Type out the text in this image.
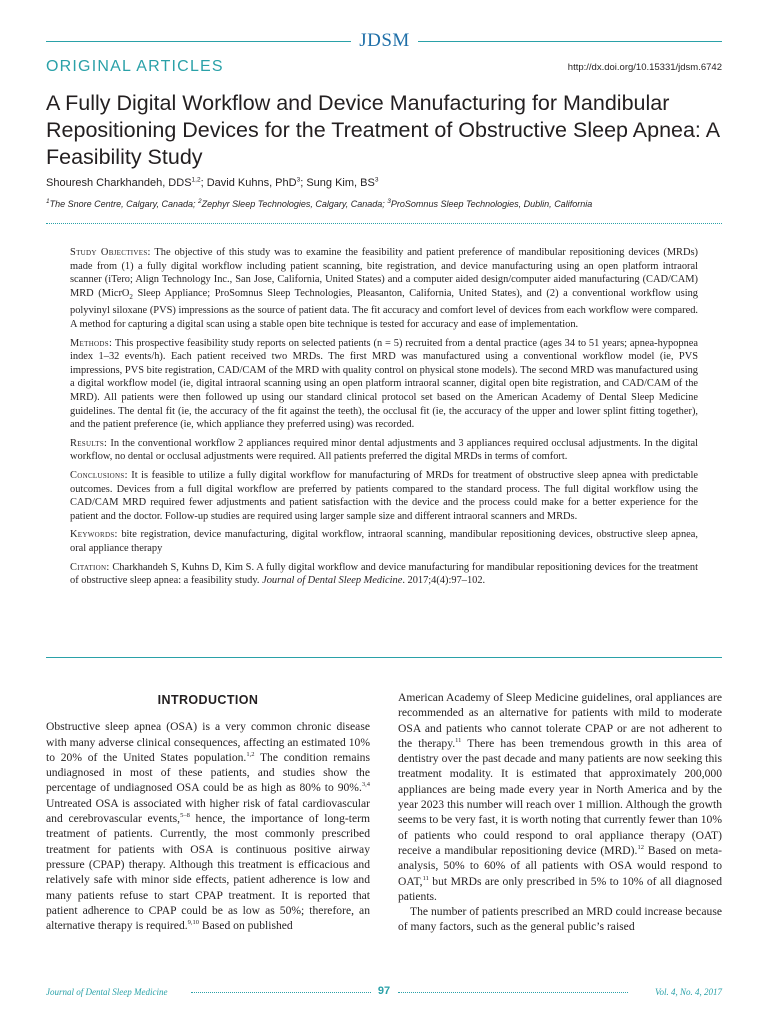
JDSM
ORIGINAL ARTICLES	http://dx.doi.org/10.15331/jdsm.6742
A Fully Digital Workflow and Device Manufacturing for Mandibular Repositioning Devices for the Treatment of Obstructive Sleep Apnea: A Feasibility Study
Shouresh Charkhandeh, DDS$^{1,2}$; David Kuhns, PhD$^3$; Sung Kim, $BS^3$
$^1$The Snore Centre, Calgary, Canada; $^2$Zephyr Sleep Technologies, Calgary, Canada; $^3$ProSomnus Sleep Technologies, Dublin, California

Study Objectives: The objective of this study was to examine the feasibility and patient preference of mandibular repositioning devices (MRDs) made from (1) a fully digital workflow including patient scanning, bite registration, and device manufacturing using an open platform intraoral scanner (iTero; Align Technology Inc., San Jose, California, United States) and a computer aided design/computer aided manufacturing (CAD/CAM) MRD (MicrO$_2$ Sleep Appliance; ProSomnus Sleep Technologies, Pleasanton, California, United States), and (2) a conventional workflow using polyvinyl siloxane (PVS) impressions as the source of patient data. The fit accuracy and comfort level of devices from each workflow were compared. A method for capturing a digital scan using a stable open bite technique is tested for accuracy and ease of implementation.

Methods: This prospective feasibility study reports on selected patients (n = 5) recruited from a dental practice (ages 34 to 51 years; apnea-hypopnea index 1–32 events/h). Each patient received two MRDs. The first MRD was manufactured using a conventional workflow model (ie, PVS impressions, PVS bite registration, CAD/CAM of the MRD with quality control on physical stone models). The second MRD was manufactured using a digital workflow model (ie, digital intraoral scanning using an open platform intraoral scanner, digital open bite registration, and CAD/CAM of the MRD). All patients were then followed up using our standard clinical protocol set based on the American Academy of Dental Sleep Medicine guidelines. The dental fit (ie, the accuracy of the fit against the teeth), the occlusal fit (ie, the accuracy of the upper and lower splint fitting together), and the patient preference (ie, which appliance they preferred using) was recorded.

Results: In the conventional workflow 2 appliances required minor dental adjustments and 3 appliances required occlusal adjustments. In the digital workflow, no dental or occlusal adjustments were required. All patients preferred the digital MRDs in terms of comfort.

Conclusions: It is feasible to utilize a fully digital workflow for manufacturing of MRDs for treatment of obstructive sleep apnea with predictable outcomes. Devices from a full digital workflow are preferred by patients compared to the standard process. The full digital workflow using the CAD/CAM MRD required fewer adjustments and patient satisfaction with the device and the process could make for a better experience for the patient and the doctor. Follow-up studies are required using larger sample size and different intraoral scanners and MRDs.

Keywords: bite registration, device manufacturing, digital workflow, intraoral scanning, mandibular repositioning devices, obstructive sleep apnea, oral appliance therapy

Citation: Charkhandeh S, Kuhns D, Kim S. A fully digital workflow and device manufacturing for mandibular repositioning devices for the treatment of obstructive sleep apnea: a feasibility study. Journal of Dental Sleep Medicine. 2017;4(4):97–102.

INTRODUCTION

Obstructive sleep apnea (OSA) is a very common chronic disease with many adverse clinical consequences, affecting an estimated 10% to 20% of the United States population.$^{1,2}$ The condition remains undiagnosed in most of these patients, and studies show the percentage of undiagnosed OSA could be as high as 80% to 90%.$^{3,4}$ Untreated OSA is associated with higher risk of fatal cardiovascular and cerebrovascular events,$^{5-8}$ hence, the importance of long-term treatment of patients. Currently, the most commonly prescribed treatment for patients with OSA is continuous positive airway pressure (CPAP) therapy. Although this treatment is efficacious and relatively safe with minor side effects, patient adherence is low and many patients refuse to start CPAP treatment. It is reported that patient adherence to CPAP could be as low as 50%; therefore, an alternative therapy is required.$^{9,10}$ Based on published

American Academy of Sleep Medicine guidelines, oral appliances are recommended as an alternative for patients with mild to moderate OSA and patients who cannot tolerate CPAP or are not adherent to the therapy.$^{11}$ There has been tremendous growth in this area of dentistry over the past decade and many patients are now seeking this treatment modality. It is estimated that approximately 200,000 appliances are being made every year in North America and by the year 2023 this number will reach over 1 million. Although the growth seems to be very fast, it is worth noting that currently fewer than 10% of patients who could respond to oral appliance therapy (OAT) receive a mandibular repositioning device (MRD).$^{12}$ Based on meta-analysis, 50% to 60% of all patients with OSA would respond to OAT,$^{11}$ but MRDs are only prescribed in 5% to 10% of all diagnosed patients.

The number of patients prescribed an MRD could increase because of many factors, such as the general public’s raised

Journal of Dental Sleep Medicine	97	Vol. 4, No. 4, 2017
